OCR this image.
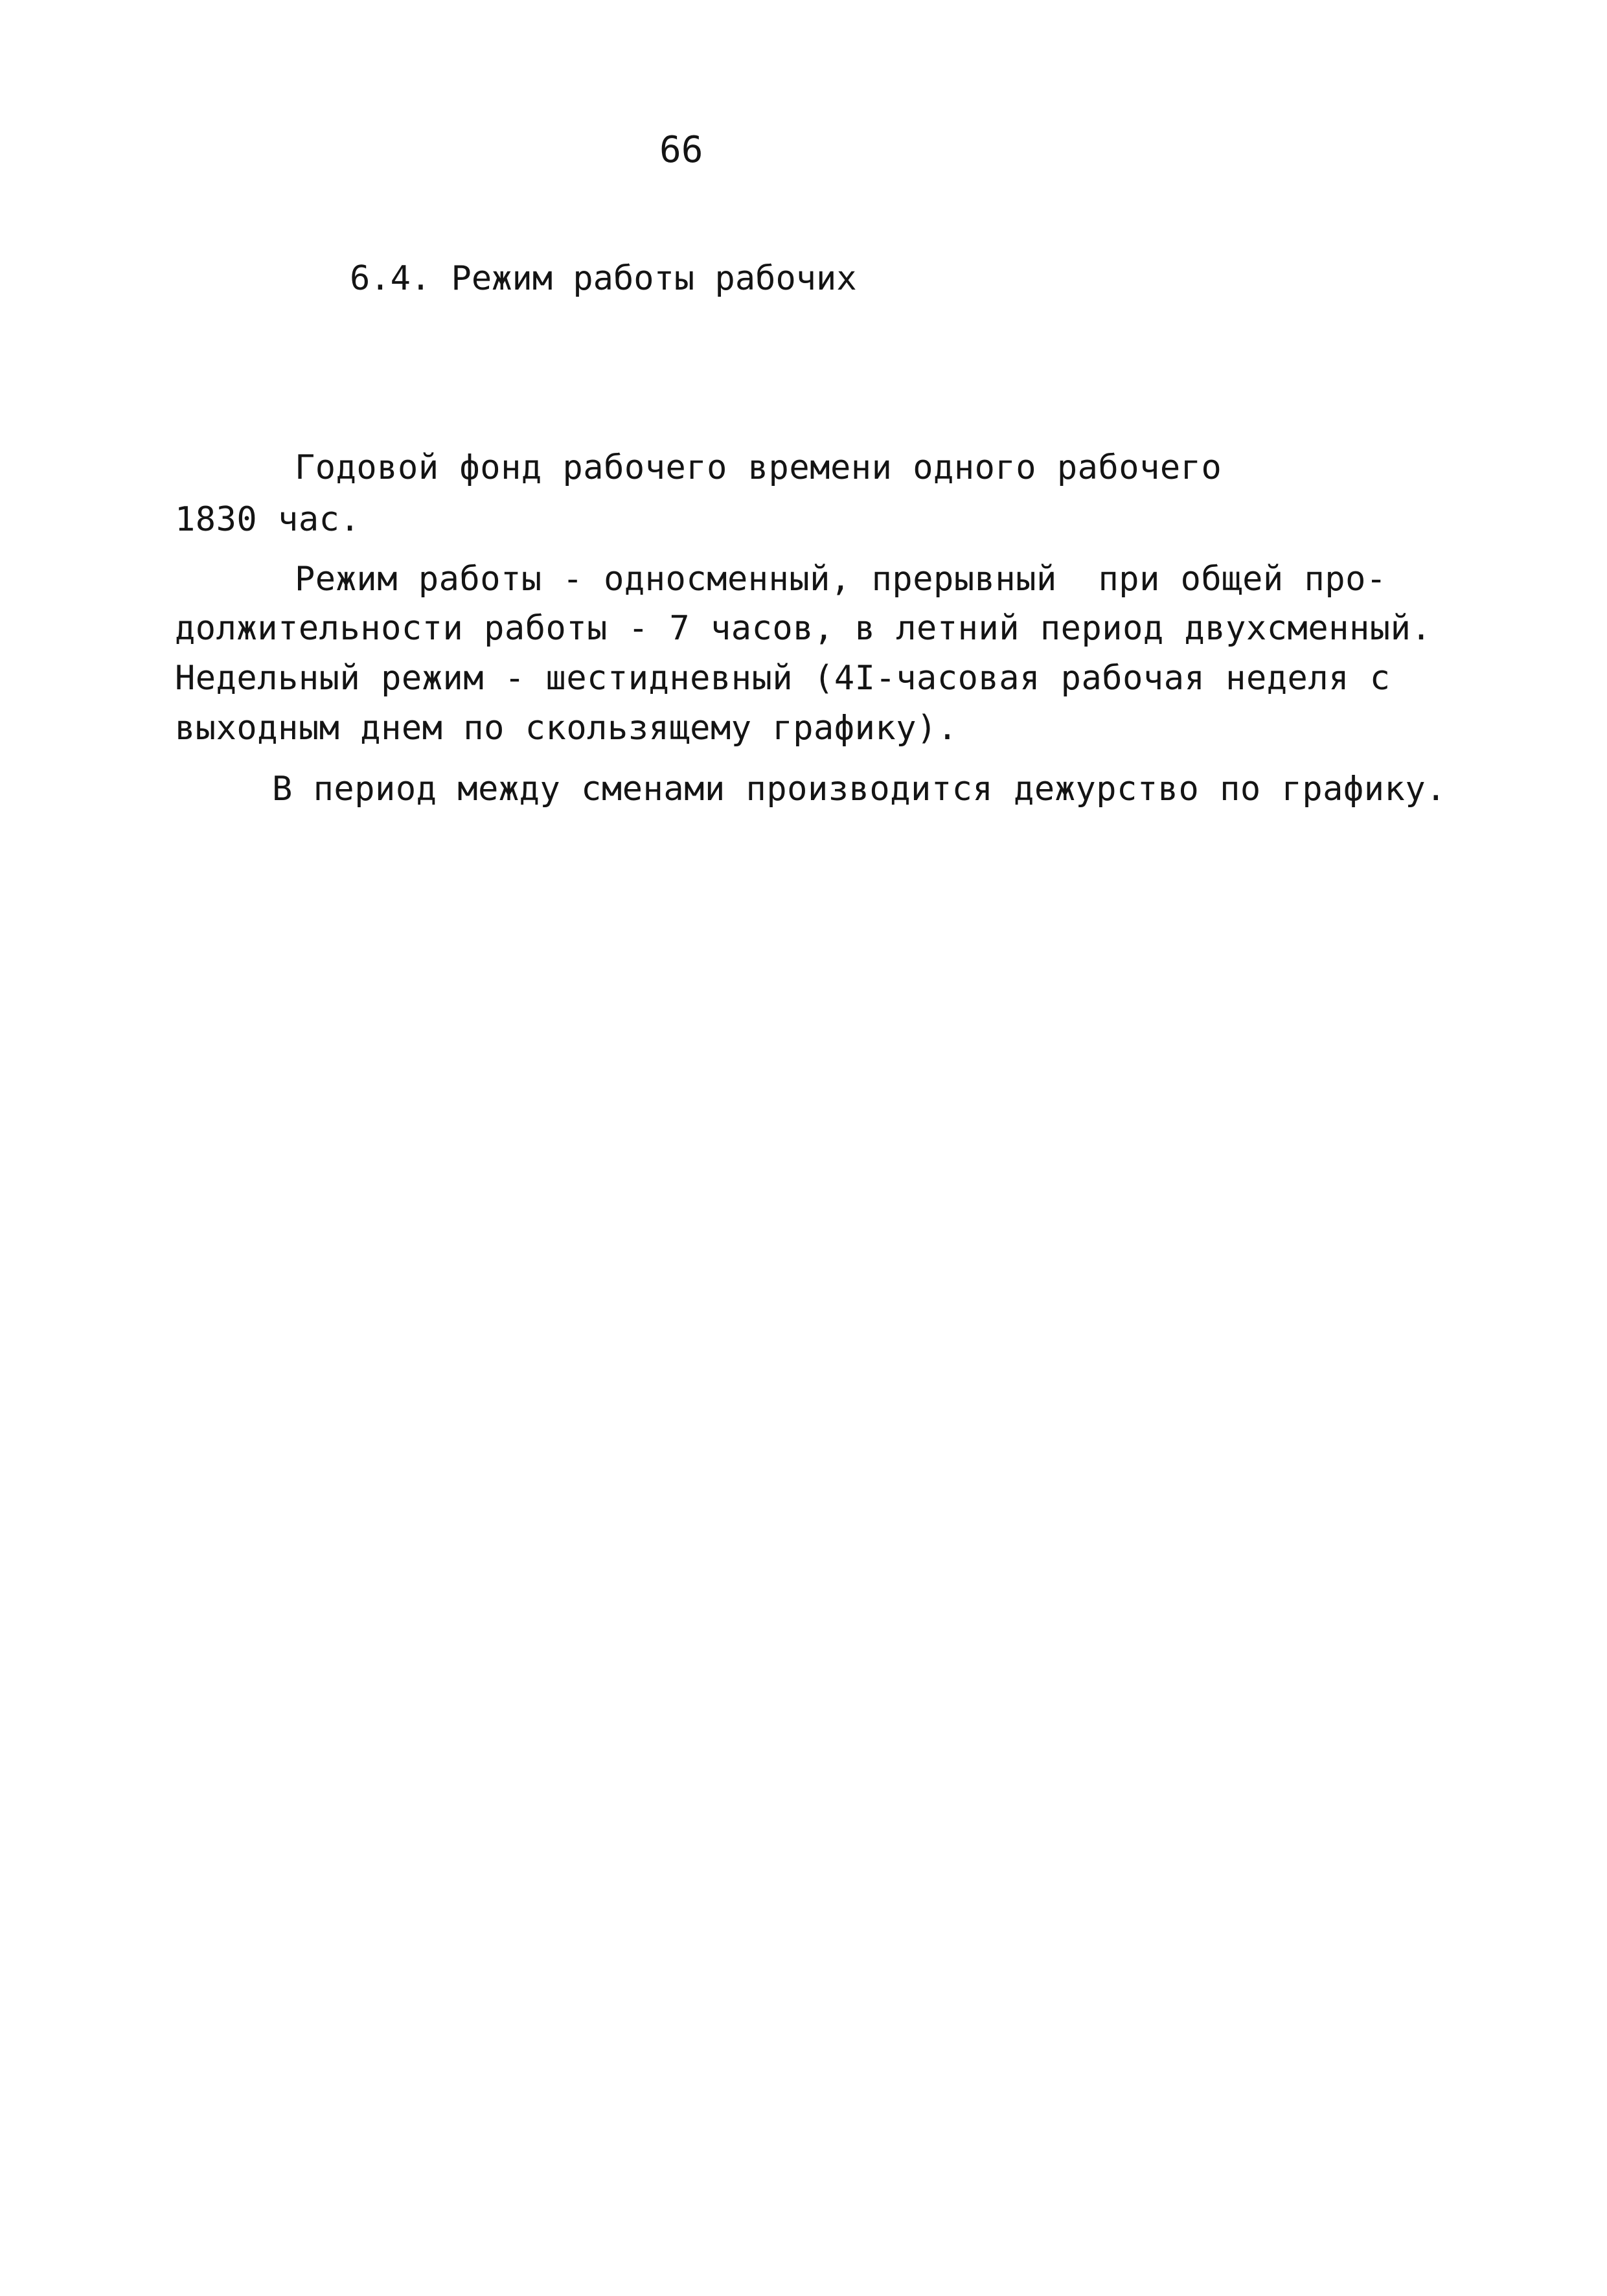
66
6.4. Режим работы рабочих
Годовой фонд рабочего времени одного рабочего
1830 час.
Режим работы - односменный, прерывный  при общей про-
должительности работы - 7 часов, в летний период двухсменный.
Недельный режим - шестидневный (4I-часовая рабочая неделя с
выходным днем по скользящему графику).
В период между сменами производится дежурство по графику.
